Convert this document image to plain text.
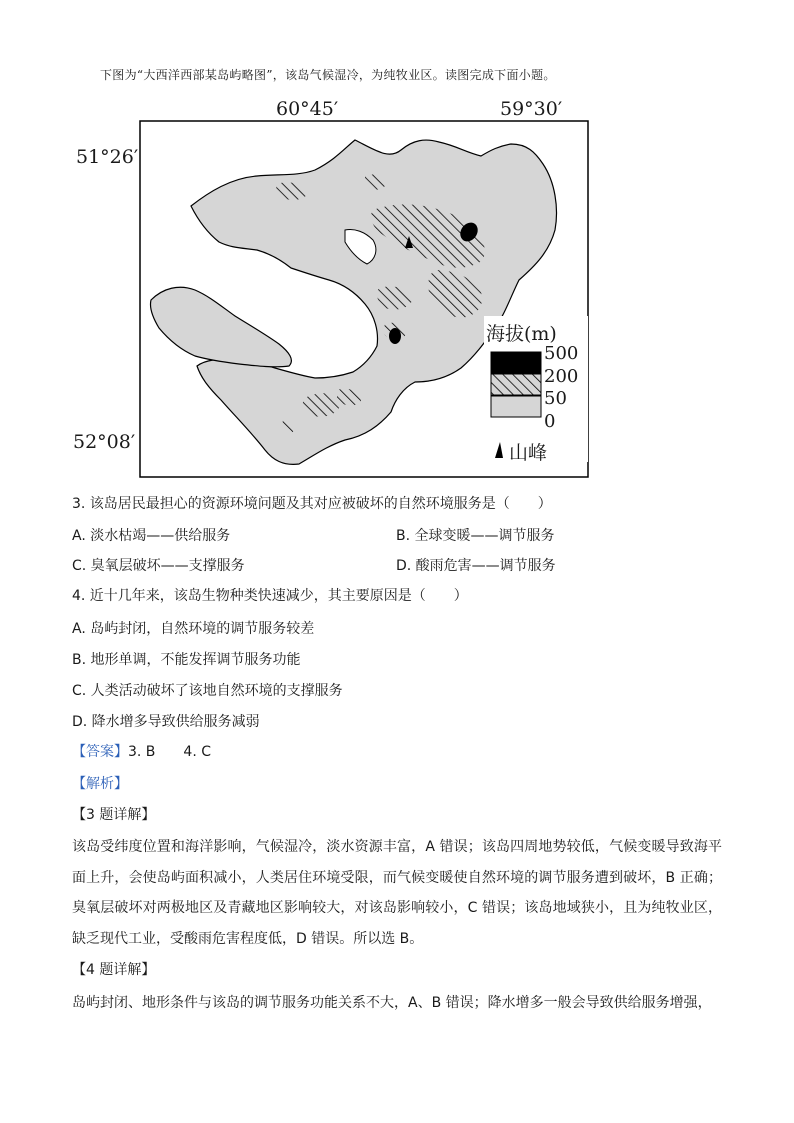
下图为“大西洋西部某岛屿略图”，该岛气候湿冷，为纯牧业区。读图完成下面小题。
60°45′	59°30′
51°26′
52°08′
海拔(m)
500
200
50
0
山峰
3. 该岛居民最担心的资源环境问题及其对应被破坏的自然环境服务是（　　）
A. 淡水枯竭——供给服务	B. 全球变暖——调节服务
C. 臭氧层破坏——支撑服务	D. 酸雨危害——调节服务
4. 近十几年来，该岛生物种类快速减少，其主要原因是（　　）
A. 岛屿封闭，自然环境的调节服务较差
B. 地形单调，不能发挥调节服务功能
C. 人类活动破坏了该地自然环境的支撑服务
D. 降水增多导致供给服务减弱
【答案】3. B　　4. C
【解析】
【3 题详解】
该岛受纬度位置和海洋影响，气候湿冷，淡水资源丰富，A 错误；该岛四周地势较低，气候变暖导致海平面上升，会使岛屿面积减小，人类居住环境受限，而气候变暖使自然环境的调节服务遭到破坏，B 正确；臭氧层破坏对两极地区及青藏地区影响较大，对该岛影响较小，C 错误；该岛地域狭小，且为纯牧业区，缺乏现代工业，受酸雨危害程度低，D 错误。所以选 B。
【4 题详解】
岛屿封闭、地形条件与该岛的调节服务功能关系不大，A、B 错误；降水增多一般会导致供给服务增强，
